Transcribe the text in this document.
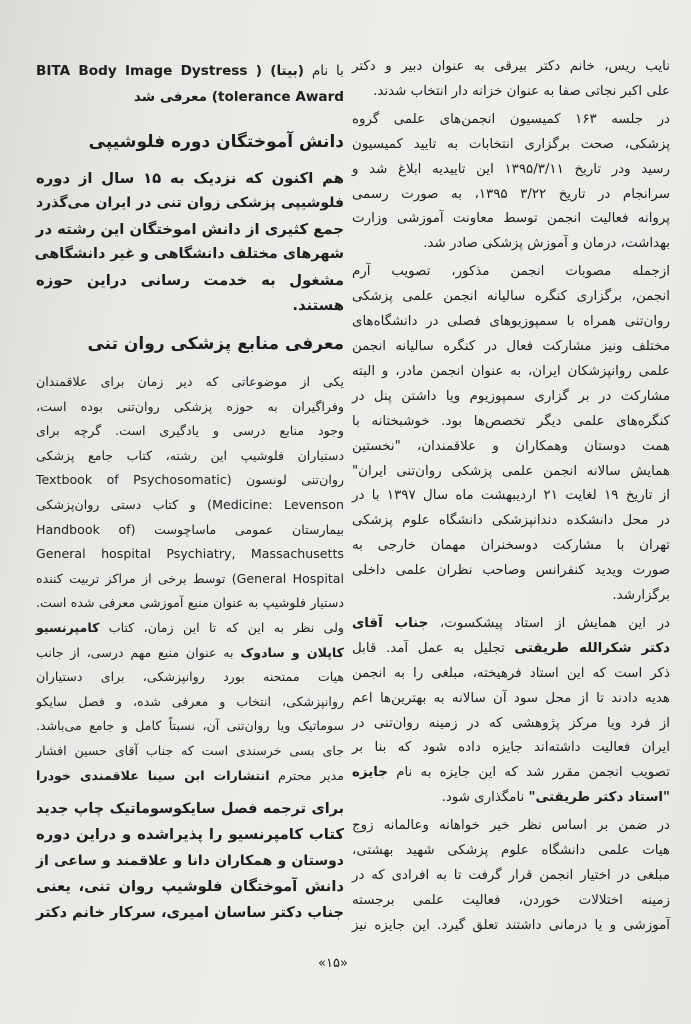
نایب ریس، خانم دکتر بیرقی به عنوان دبیر و دکتر
علی اکبر نجاتی صفا به عنوان خزانه دار انتخاب شدند.
در جلسه ۱۶۳ کمیسیون انجمن‌های علمی گروه
پزشکی، صحت برگزاری انتخابات به تایید کمیسیون
رسید ودر تاریخ ۱۳۹۵/۳/۱۱ این تاییدیه ابلاغ شد و
سرانجام در تاریخ ۳/۲۲ ۱۳۹۵، به صورت رسمی
پروانه فعالیت انجمن توسط معاونت آموزشی وزارت
بهداشت، درمان و آموزش پزشکی صادر شد.
ازجمله مصوبات انجمن مذکور، تصویب آرم
انجمن، برگزاری کنگره سالیانه انجمن علمی پزشکی
روان‌تنی همراه با سمپوزیوهای فصلی در دانشگاه‌های
مختلف ونیز مشارکت فعال در کنگره سالیانه انجمن
علمی روانپزشکان ایران، به عنوان انجمن مادر، و البته
مشارکت در بر گزاری سمپوزیوم ویا داشتن پنل در
کنگره‌های علمی دیگر تخصص‌ها بود. خوشبختانه با
همت دوستان وهمکاران و علاقمندان، "نخستین
همایش سالانه انجمن علمی پزشکی روان‌تنی ایران"
از تاریخ ۱۹ لغایت ۲۱ اردیبهشت ماه سال ۱۳۹۷ با در
در محل دانشکده دندانپزشکی دانشگاه علوم پزشکی
تهران با مشارکت دوسخنران مهمان خارجی به
صورت ویدید کنفرانس وصاحب نظران علمی داخلی
برگزارشد.
در این همایش از استاد پیشکسوت، جناب آقای
دکتر شکرالله طریقتی تجلیل به عمل آمد. قابل
ذکر است که این استاد فرهیخته، مبلغی را به انجمن
هدیه دادند تا از محل سود آن سالانه به بهترین‌ها اعم
از فرد ویا مرکز پژوهشی که در زمینه روان‌تنی در
ایران فعالیت داشته‌اند جایزه داده شود که بنا بر
تصویب انجمن مقرر شد که این جایزه به نام جایزه
"استاد دکتر طریقتی" نامگذاری شود.
در ضمن بر اساس نظر خیر خواهانه وعالمانه زوج
هیات علمی دانشگاه علوم پزشکی شهید بهشتی،
مبلغی در اختیار انجمن قرار گرفت تا به افرادی که در
زمینه اختلالات خوردن، فعالیت علمی برجسته
آموزشی و یا درمانی داشتند تعلق گیرد. این جایزه نیز
با نام (بیتا) ( BITA Body Image Dystress
tolerance Award) معرفی شد
دانش آموختگان دوره فلوشیپی
هم اکنون که نزدیک به ۱۵ سال از دوره
فلوشیپی پزشکی زوان تنی در ایران می‌گذرد
جمع کثیری از دانش اموختگان این رشته در
شهرهای مختلف دانشگاهی و غیر دانشگاهی
مشغول به خدمت رسانی دراین حوزه
هستند.
معرفی منابع پزشکی روان تنی
یکی از موضوعاتی که دیر زمان برای علاقمندان
وفراگیران به حوزه پزشکی روان‌تنی بوده است،
وجود منابع درسی و یادگیری است. گرچه برای
دستیاران فلوشیپ این رشته، کتاب جامع پزشکی
روان‌تنی لونسون (Textbook of Psychosomatic
Medicine: Levenson) و کتاب دستی روان‌پزشکی
بیمارستان عمومی ماساچوست (Handbook of
General hospital Psychiatry, Massachusetts
General Hospital) توسط برخی از مراکز تربیت کننده
دستیار فلوشیپ به عنوان منبع آموزشی معرفی شده است.
ولی نظر به این که تا این زمان، کتاب کامپرنسیو
کاپلان و سادوک به عنوان منبع مهم درسی، از جانب
هیات ممتحنه بورد روانپزشکی، برای دستیاران
روانپزشکی، انتخاب و معرفی شده، و فصل سایکو
سوماتیک ویا روان‌تنی آن، نسبتاً کامل و جامع می‌باشد.
جای بسی خرسندی است که جناب آقای حسین افشار
مدیر محترم انتشارات ابن سینا علاقمندی خودرا
برای ترجمه فصل سایکوسوماتیک چاپ جدید
کتاب کامپرنسیو را پذیراشده و دراین دوره
دوستان و همکاران دانا و علاقمند و ساعی از
دانش آموختگان فلوشیپ روان تنی، یعنی
جناب دکتر ساسان امیری، سرکار خانم دکتر
«۱۵»
